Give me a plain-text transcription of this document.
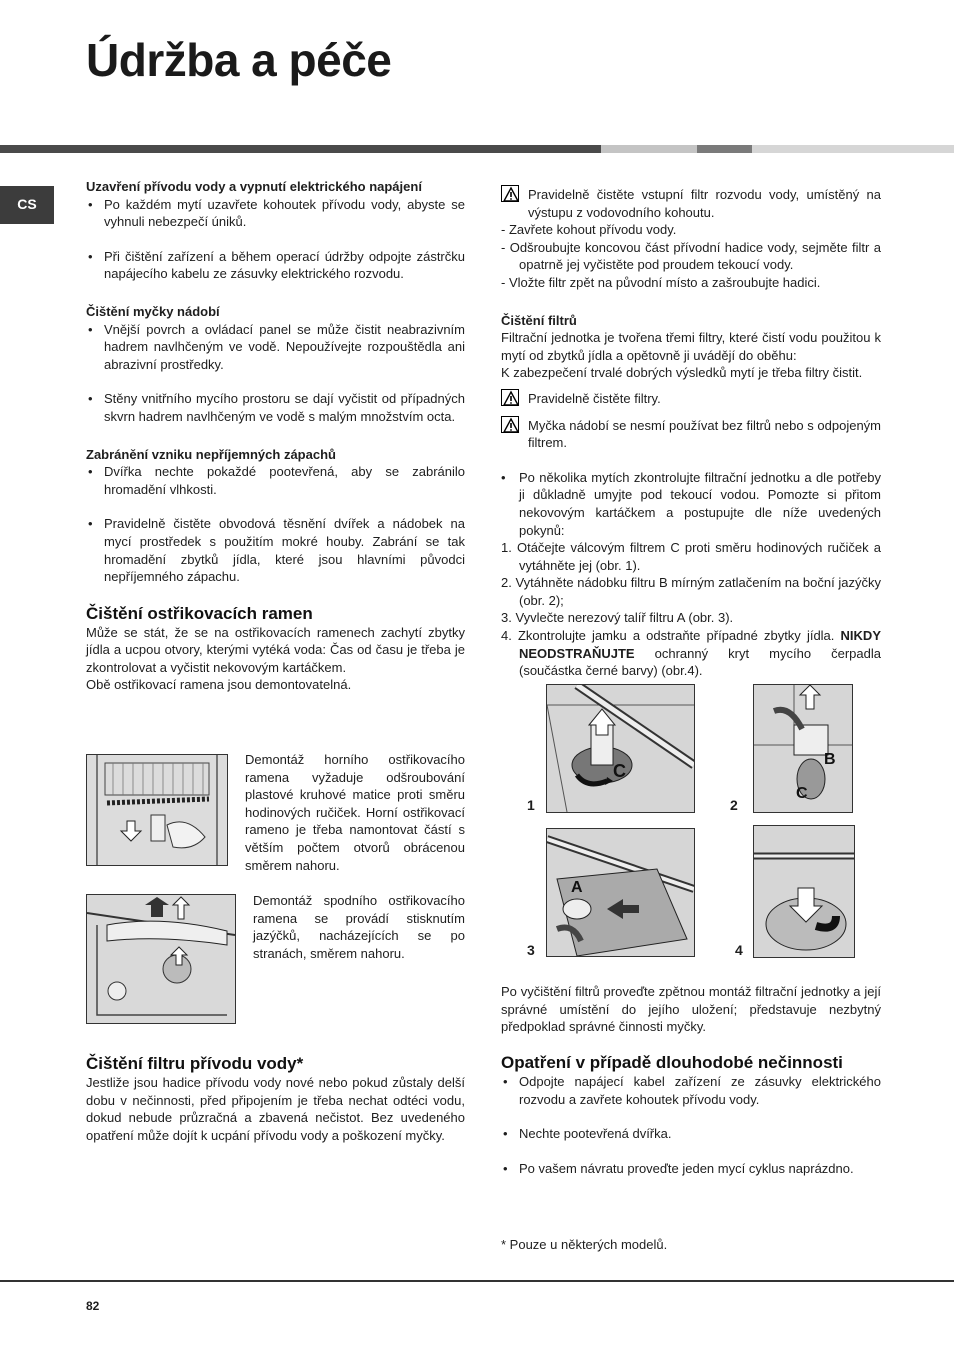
Údržba a péče
CS
Uzavření přívodu vody a vypnutí elektrického napájení
• Po každém mytí uzavřete kohoutek přívodu vody, abyste se vyhnuli nebezpečí úniků.
• Při čištění zařízení a během operací údržby odpojte zástrčku napájecího kabelu ze zásuvky elektrického rozvodu.
Čištění myčky nádobí
• Vnější povrch a ovládací panel se může čistit neabrazivním hadrem navlhčeným ve vodě. Nepoužívejte rozpouštědla ani abrazivní prostředky.
• Stěny vnitřního mycího prostoru se dají vyčistit od případných skvrn hadrem navlhčeným ve vodě s malým množstvím octa.
Zabránění vzniku nepříjemných zápachů
• Dvířka nechte pokaždé pootevřená, aby se zabránilo hromadění vlhkosti.
• Pravidelně čistěte obvodová těsnění dvířek a nádobek na mycí prostředek s použitím mokré houby. Zabrání se tak hromadění zbytků jídla, které jsou hlavními původci nepříjemného zápachu.
Čištění ostřikovacích ramen

Může se stát, že se na ostřikovacích ramenech zachytí zbytky jídla a ucpou otvory, kterými vytéká voda: Čas od času je třeba je zkontrolovat a vyčistit nekovovým kartáčkem.

Obě ostřikovací ramena jsou demontovatelná.

Demontáž horního ostřikovacího ramena vyžaduje odšroubování plastové kruhové matice proti směru hodinových ručiček. Horní ostřikovací rameno je třeba namontovat částí s větším počtem otvorů obrácenou směrem nahoru.
Demontáž spodního ostřikovacího ramena se provádí stisknutím jazýčků, nacházejících se po stranách, směrem nahoru.
Čištění filtru přívodu vody*

Jestliže jsou hadice přívodu vody nové nebo pokud zůstaly delší dobu v nečinnosti, před připojením je třeba nechat odtéci vodu, dokud nebude průzračná a zbavená nečistot. Bez uvedeného opatření může dojít k ucpání přívodu vody a poškození myčky.

Pravidelně čistěte vstupní filtr rozvodu vody, umístěný na výstupu z vodovodního kohoutu.
- Zavřete kohout přívodu vody.
- Odšroubujte koncovou část přívodní hadice vody, sejměte filtr a opatrně jej vyčistěte pod proudem tekoucí vody.
- Vložte filtr zpět na původní místo a zašroubujte hadici.
Čištění filtrů

Filtrační jednotka je tvořena třemi filtry, které čistí vodu použitou k mytí od zbytků jídla a opětovně ji uvádějí do oběhu:

K zabezpečení trvalé dobrých výsledků mytí je třeba filtry čistit.

Pravidelně čistěte filtry.
Myčka nádobí se nesmí používat bez filtrů nebo s odpojeným filtrem.
• Po několika mytích zkontrolujte filtrační jednotku a dle potřeby ji důkladně umyjte pod tekoucí vodou. Pomozte si přitom nekovovým kartáčkem a postupujte dle níže uvedených pokynů:
1. Otáčejte válcovým filtrem C proti směru hodinových ručiček a vytáhněte jej (obr. 1).
2. Vytáhněte nádobku filtru B mírným zatlačením na boční jazýčky (obr. 2);
3. Vyvlečte nerezový talíř filtru A (obr. 3).
4. Zkontrolujte jamku a odstraňte případné zbytky jídla. NIKDY NEODSTRAŇUJTE ochranný kryt mycího čerpadla (součástka černé barvy) (obr.4).
C
B
C
A
1	2
3	4

Po vyčištění filtrů proveďte zpětnou montáž filtrační jednotky a její správné umístění do jejího uložení; představuje nezbytný předpoklad správné činnosti myčky.

Opatření v případě dlouhodobé nečinnosti
• Odpojte napájecí kabel zařízení ze zásuvky elektrického rozvodu a zavřete kohoutek přívodu vody.
• Nechte pootevřená dvířka.
• Po vašem návratu proveďte jeden mycí cyklus naprázdno.
* Pouze u některých modelů.
82
